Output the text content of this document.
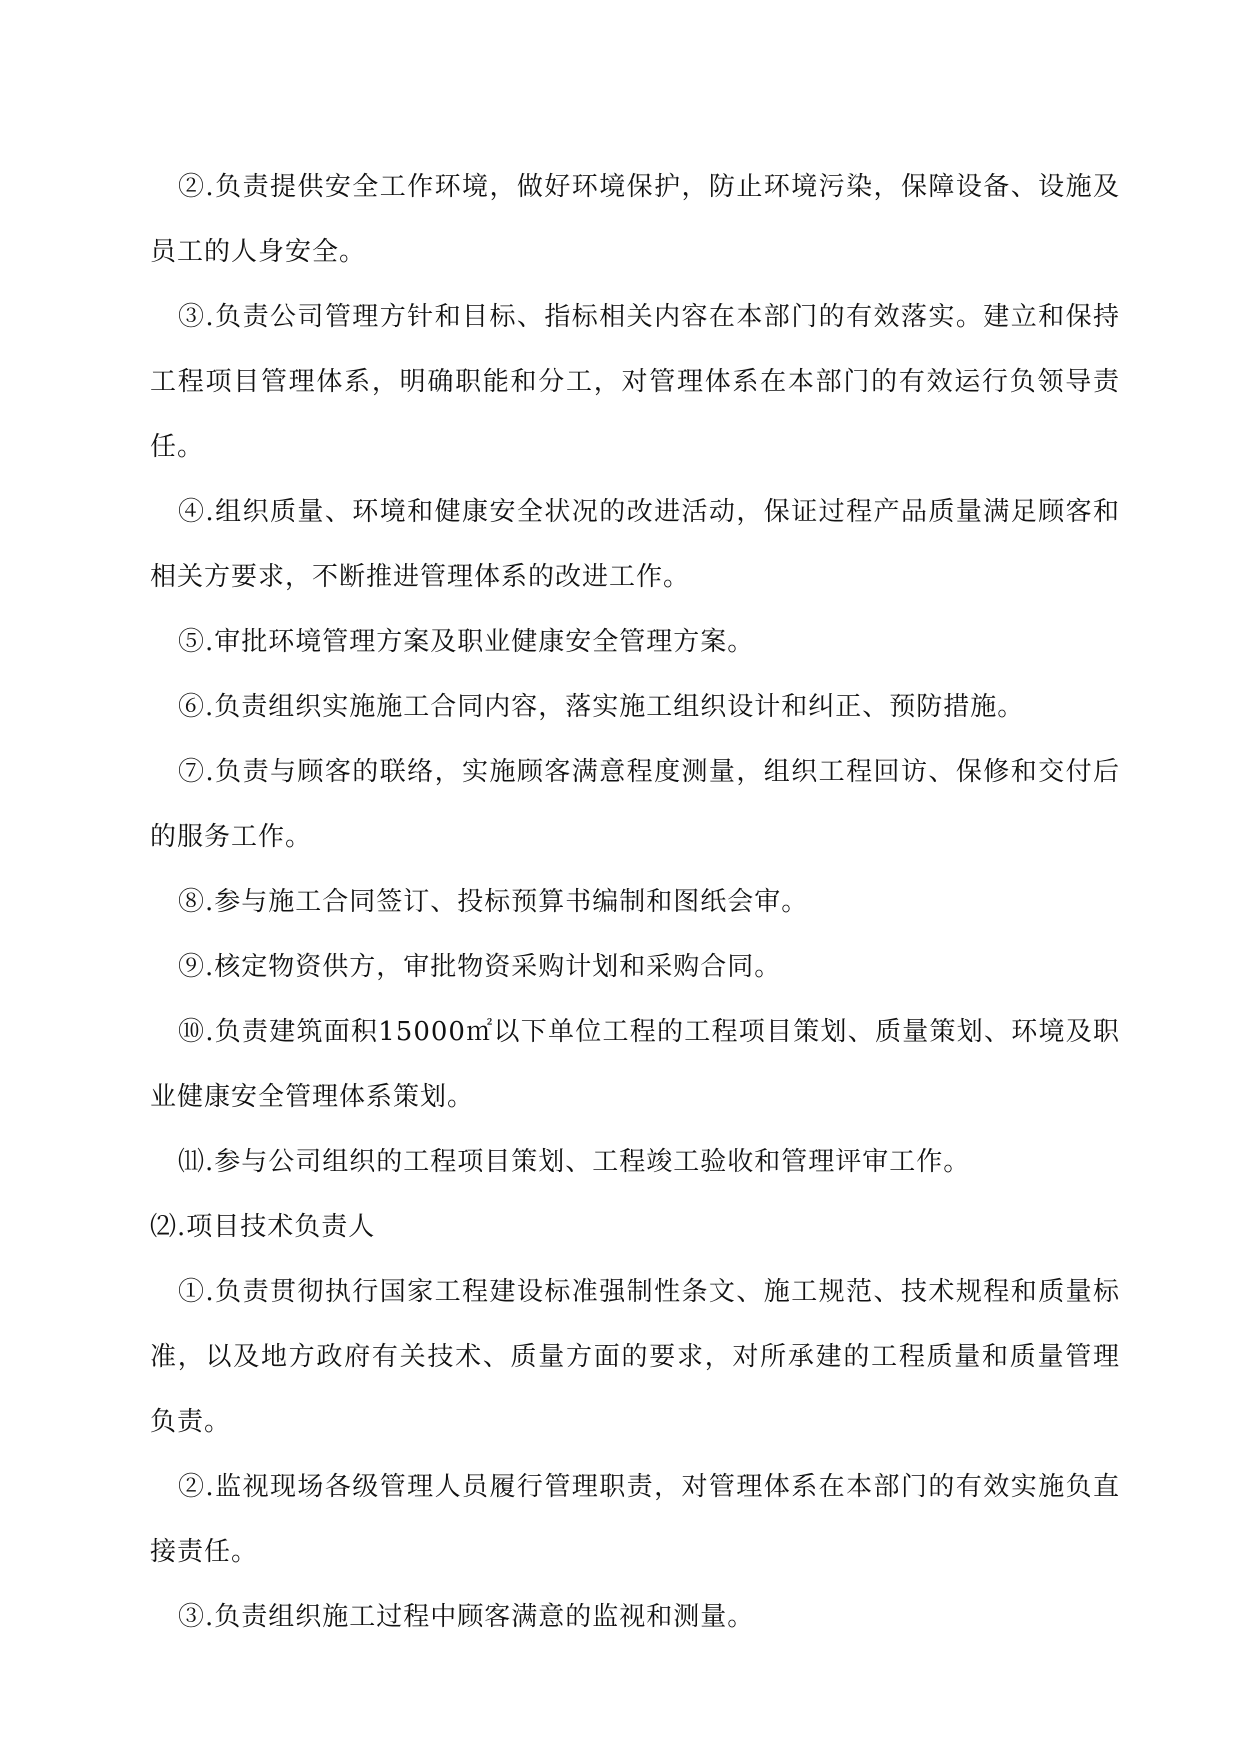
②.负责提供安全工作环境，做好环境保护，防止环境污染，保障设备、设施及员工的人身安全。

③.负责公司管理方针和目标、指标相关内容在本部门的有效落实。建立和保持工程项目管理体系，明确职能和分工，对管理体系在本部门的有效运行负领导责任。

④.组织质量、环境和健康安全状况的改进活动，保证过程产品质量满足顾客和相关方要求，不断推进管理体系的改进工作。

⑤.审批环境管理方案及职业健康安全管理方案。

⑥.负责组织实施施工合同内容，落实施工组织设计和纠正、预防措施。

⑦.负责与顾客的联络，实施顾客满意程度测量，组织工程回访、保修和交付后的服务工作。

⑧.参与施工合同签订、投标预算书编制和图纸会审。

⑨.核定物资供方，审批物资采购计划和采购合同。

⑩.负责建筑面积15000㎡以下单位工程的工程项目策划、质量策划、环境及职业健康安全管理体系策划。

⑾.参与公司组织的工程项目策划、工程竣工验收和管理评审工作。

⑵.项目技术负责人

①.负责贯彻执行国家工程建设标准强制性条文、施工规范、技术规程和质量标准，以及地方政府有关技术、质量方面的要求，对所承建的工程质量和质量管理负责。

②.监视现场各级管理人员履行管理职责，对管理体系在本部门的有效实施负直接责任。

③.负责组织施工过程中顾客满意的监视和测量。
